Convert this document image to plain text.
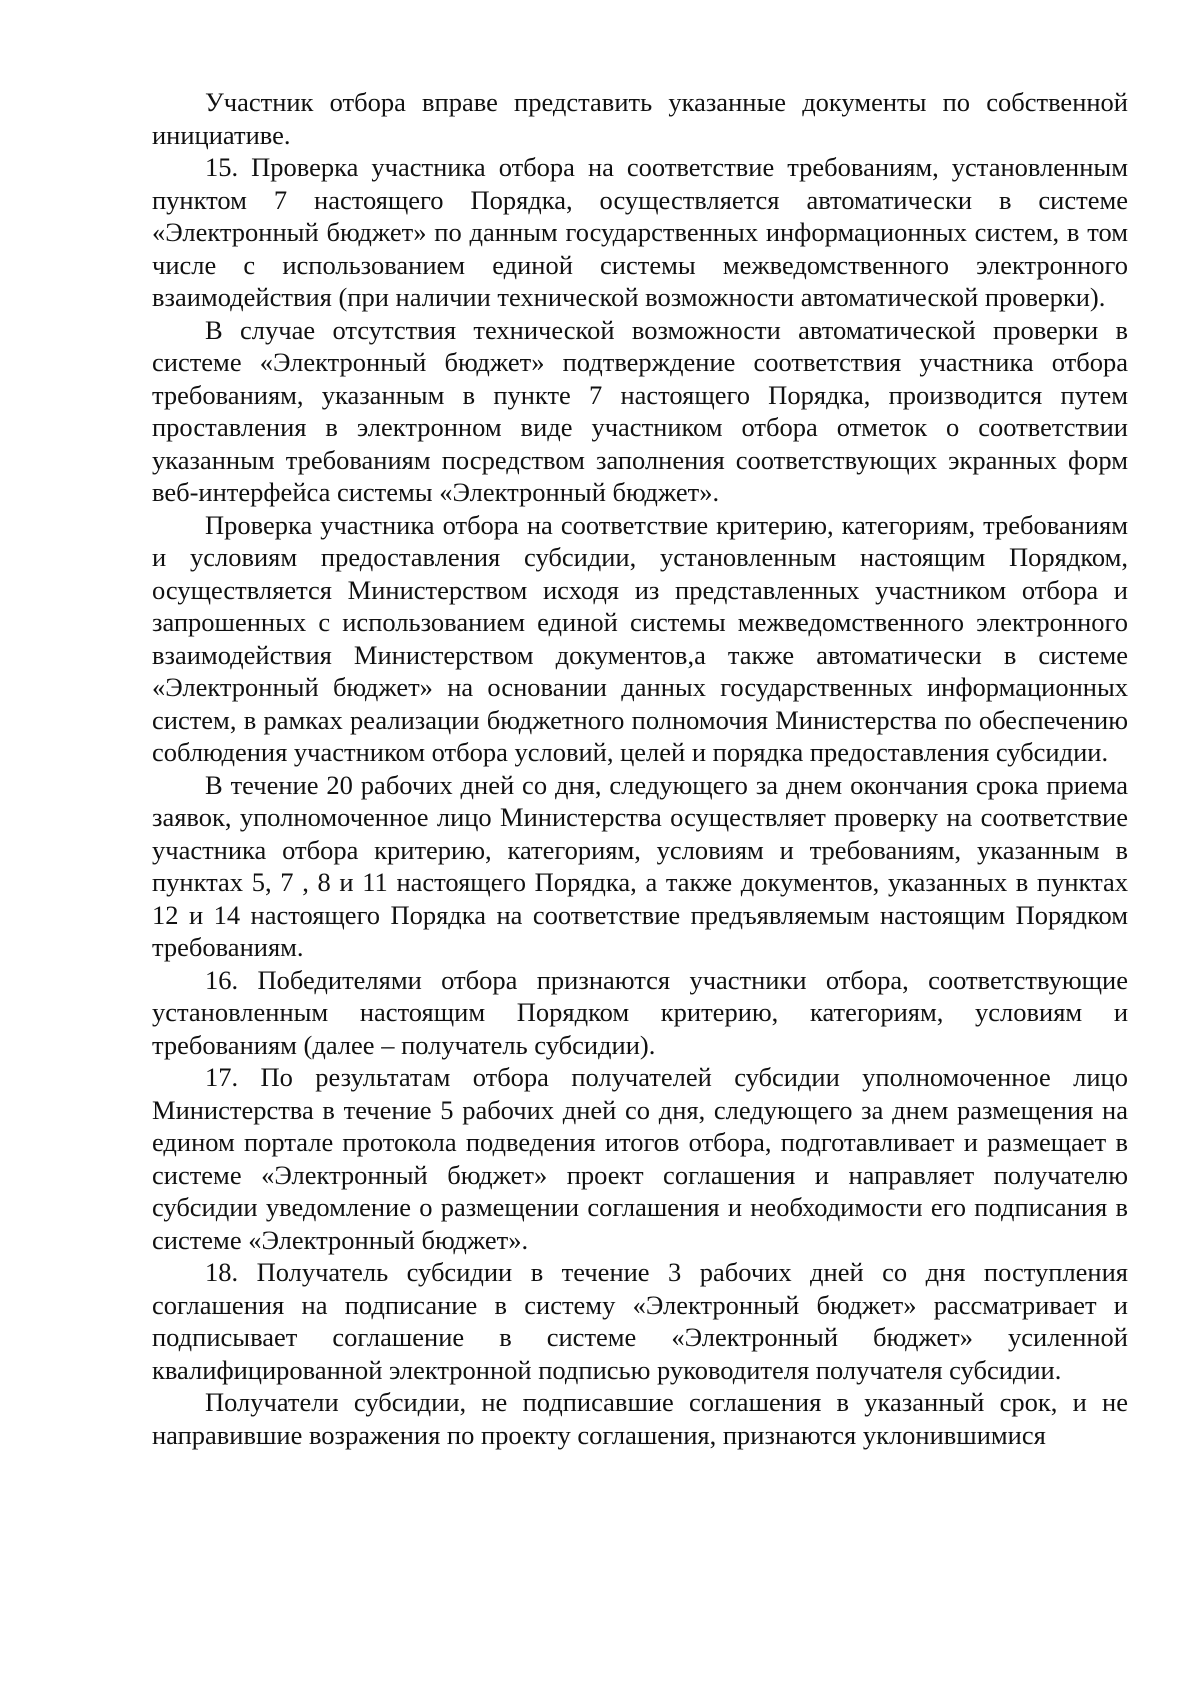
Участник отбора вправе представить указанные документы по собственной инициативе.

15. Проверка участника отбора на соответствие требованиям, установленным пунктом 7 настоящего Порядка, осуществляется автоматически в системе «Электронный бюджет» по данным государственных информационных систем, в том числе с использованием единой системы межведомственного электронного взаимодействия (при наличии технической возможности автоматической проверки).

В случае отсутствия технической возможности автоматической проверки в системе «Электронный бюджет» подтверждение соответствия участника отбора требованиям, указанным в пункте 7 настоящего Порядка, производится путем проставления в электронном виде участником отбора отметок о соответствии указанным требованиям посредством заполнения соответствующих экранных форм веб-интерфейса системы «Электронный бюджет».

Проверка участника отбора на соответствие критерию, категориям, требованиям и условиям предоставления субсидии, установленным настоящим Порядком, осуществляется Министерством исходя из представленных участником отбора и запрошенных с использованием единой системы межведомственного электронного взаимодействия Министерством документов,а также автоматически в системе «Электронный бюджет» на основании данных государственных информационных систем, в рамках реализации бюджетного полномочия Министерства по обеспечению соблюдения участником отбора условий, целей и порядка предоставления субсидии.

В течение 20 рабочих дней со дня, следующего за днем окончания срока приема заявок, уполномоченное лицо Министерства осуществляет проверку на соответствие участника отбора критерию, категориям, условиям и требованиям, указанным в пунктах 5, 7 , 8 и 11 настоящего Порядка, а также документов, указанных в пунктах 12 и 14 настоящего Порядка на соответствие предъявляемым настоящим Порядком требованиям.

16. Победителями отбора признаются участники отбора, соответствующие установленным настоящим Порядком критерию, категориям, условиям и требованиям (далее – получатель субсидии).

17. По результатам отбора получателей субсидии уполномоченное лицо Министерства в течение 5 рабочих дней со дня, следующего за днем размещения на едином портале протокола подведения итогов отбора, подготавливает и размещает в системе «Электронный бюджет» проект соглашения и направляет получателю субсидии уведомление о размещении соглашения и необходимости его подписания в системе «Электронный бюджет».

18. Получатель субсидии в течение 3 рабочих дней со дня поступления соглашения на подписание в систему «Электронный бюджет» рассматривает и подписывает соглашение в системе «Электронный бюджет» усиленной квалифицированной электронной подписью руководителя получателя субсидии.

Получатели субсидии, не подписавшие соглашения в указанный срок, и не направившие возражения по проекту соглашения, признаются уклонившимися
